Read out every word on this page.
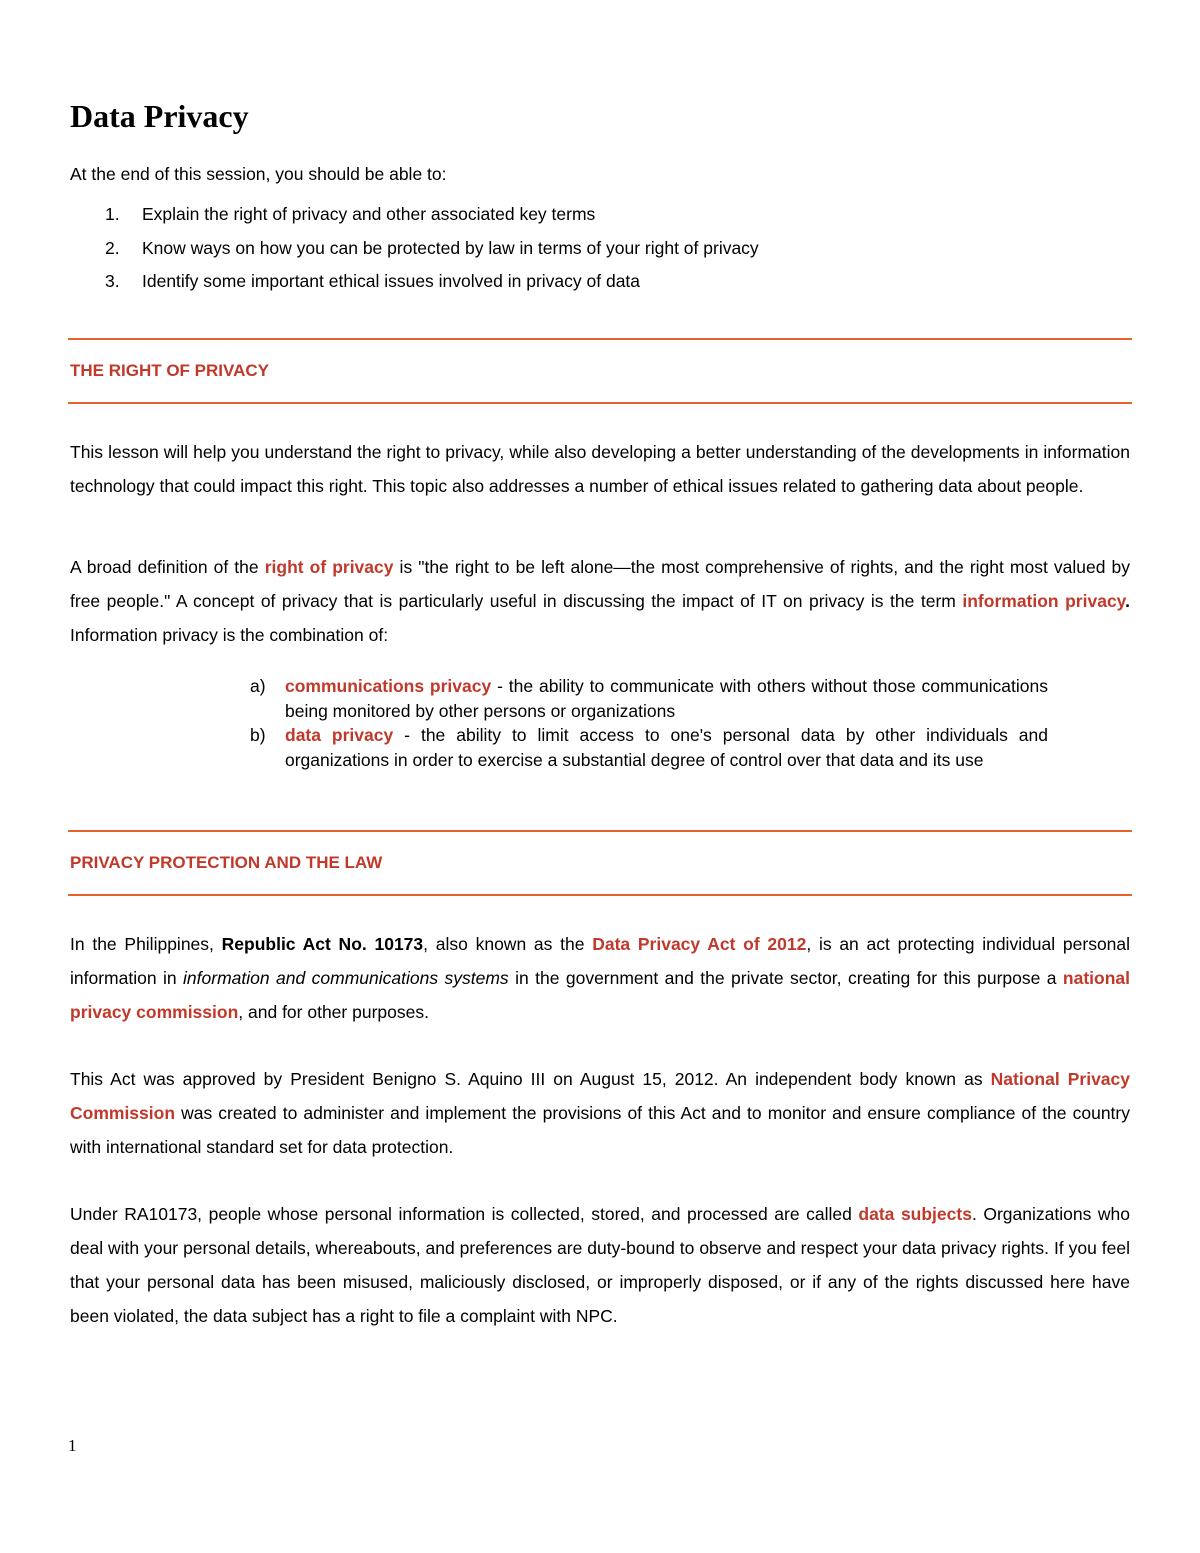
Data Privacy

At the end of this session, you should be able to:

1. Explain the right of privacy and other associated key terms
2. Know ways on how you can be protected by law in terms of your right of privacy
3. Identify some important ethical issues involved in privacy of data
THE RIGHT OF PRIVACY

This lesson will help you understand the right to privacy, while also developing a better understanding of the developments in information technology that could impact this right. This topic also addresses a number of ethical issues related to gathering data about people.

A broad definition of the right of privacy is "the right to be left alone—the most comprehensive of rights, and the right most valued by free people." A concept of privacy that is particularly useful in discussing the impact of IT on privacy is the term information privacy. Information privacy is the combination of:

a) communications privacy - the ability to communicate with others without those communications being monitored by other persons or organizations
b) data privacy - the ability to limit access to one's personal data by other individuals and organizations in order to exercise a substantial degree of control over that data and its use
PRIVACY PROTECTION AND THE LAW

In the Philippines, Republic Act No. 10173, also known as the Data Privacy Act of 2012, is an act protecting individual personal information in information and communications systems in the government and the private sector, creating for this purpose a national privacy commission, and for other purposes.

This Act was approved by President Benigno S. Aquino III on August 15, 2012. An independent body known as National Privacy Commission was created to administer and implement the provisions of this Act and to monitor and ensure compliance of the country with international standard set for data protection.

Under RA10173, people whose personal information is collected, stored, and processed are called data subjects. Organizations who deal with your personal details, whereabouts, and preferences are duty-bound to observe and respect your data privacy rights. If you feel that your personal data has been misused, maliciously disclosed, or improperly disposed, or if any of the rights discussed here have been violated, the data subject has a right to file a complaint with NPC.

1
